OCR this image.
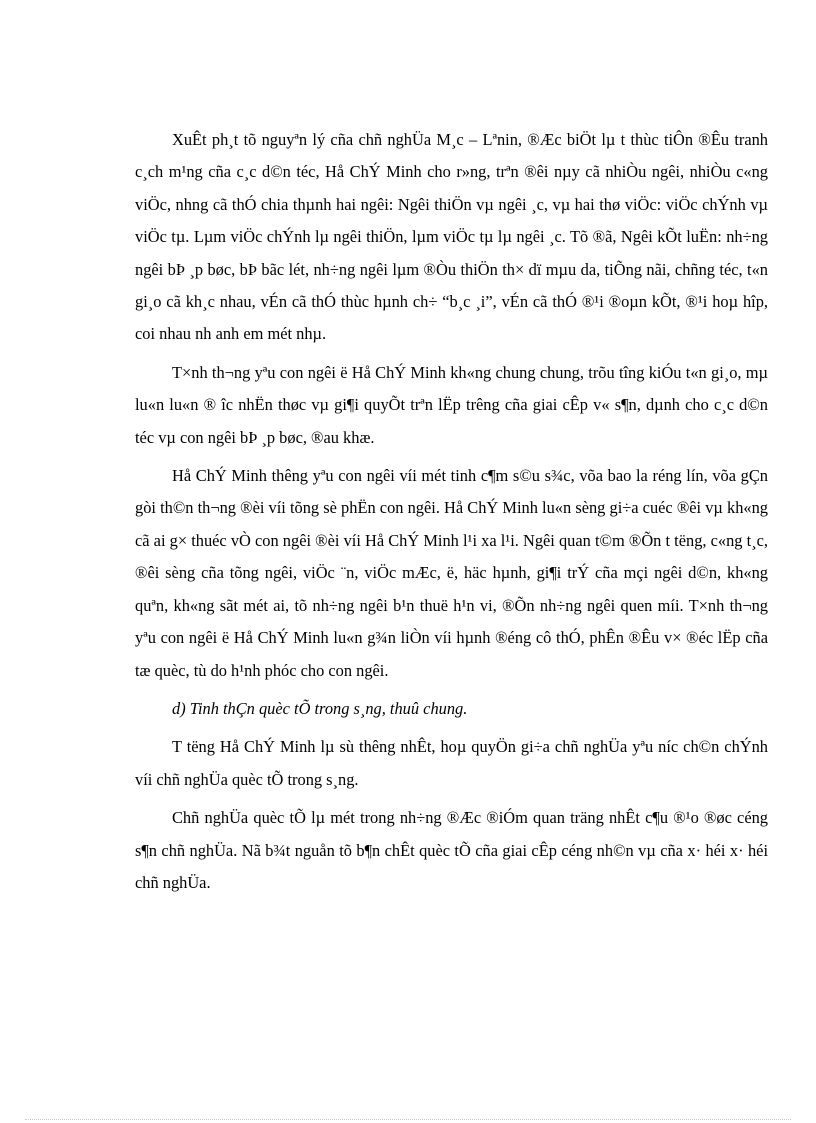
XuÊt ph¸t tõ nguyªn lý cña chñ nghÜa M¸c – Lªnin, ®Æc biÖt lµ t thùc tiÔn ®Êu tranh c¸ch m¹ng cña c¸c d©n téc, Hå ChÝ Minh cho r»ng, trªn ®êi nµy cã nhiÒu ngêi, nhiÒu c«ng viÖc, nhng cã thÓ chia thµnh hai ngêi: Ngêi thiÖn vµ ngêi ¸c, vµ hai thø viÖc: viÖc chÝnh vµ viÖc tµ. Lµm viÖc chÝnh lµ ngêi thiÖn, lµm viÖc tµ lµ ngêi ¸c. Tõ ®ã, Ngêi kÕt luËn: nh÷ng ngêi bÞ ¸p bøc, bÞ bãc lét, nh÷ng ngêi lµm ®Òu thiÖn th× dï mµu da, tiÕng nãi, chñng téc, t«n gi¸o cã kh¸c nhau, vÉn cã thÓ thùc hµnh ch÷ “b¸c ¸i”, vÉn cã thÓ ®¹i ®oµn kÕt, ®¹i hoµ hîp, coi nhau nh anh em mét nhµ.

T×nh th¬ng yªu con ngêi ë Hå ChÝ Minh kh«ng chung chung, trõu tîng kiÓu t«n gi¸o, mµ lu«n lu«n ® îc nhËn thøc vµ gi¶i quyÕt trªn lËp trêng cña giai cÊp v« s¶n, dµnh cho c¸c d©n téc vµ con ngêi bÞ ¸p bøc, ®au khæ.

Hå ChÝ Minh thêng yªu con ngêi víi mét tinh c¶m s©u s¾c, võa bao la réng lín, võa gÇn gòi th©n th¬ng ®èi víi tõng sè phËn con ngêi. Hå ChÝ Minh lu«n sèng gi÷a cuéc ®êi vµ kh«ng cã ai g× thuéc vÒ con ngêi ®èi víi Hå ChÝ Minh l¹i xa l¹i. Ngêi quan t©m ®Õn t tëng, c«ng t¸c, ®êi sèng cña tõng ngêi, viÖc ¨n, viÖc mÆc, ë, häc hµnh, gi¶i trÝ cña mçi ngêi d©n, kh«ng quªn, kh«ng sãt mét ai, tõ nh÷ng ngêi b¹n thuë h¹n vi, ®Õn nh÷ng ngêi quen míi. T×nh th¬ng yªu con ngêi ë Hå ChÝ Minh lu«n g¾n liÒn víi hµnh ®éng cô thÓ, phÊn ®Êu v× ®éc lËp cña tæ quèc, tù do h¹nh phóc cho con ngêi.

d) Tinh thÇn quèc tÕ trong s¸ng, thuû chung.

T tëng Hå ChÝ Minh lµ sù thêng nhÊt, hoµ quyÖn gi÷a chñ nghÜa yªu níc ch©n chÝnh víi chñ nghÜa quèc tÕ trong s¸ng.

Chñ nghÜa quèc tÕ lµ mét trong nh÷ng ®Æc ®iÓm quan träng nhÊt c¶u ®¹o ®øc céng s¶n chñ nghÜa. Nã b¾t nguån tõ b¶n chÊt quèc tÕ cña giai cÊp céng nh©n vµ cña x· héi x· héi chñ nghÜa.
